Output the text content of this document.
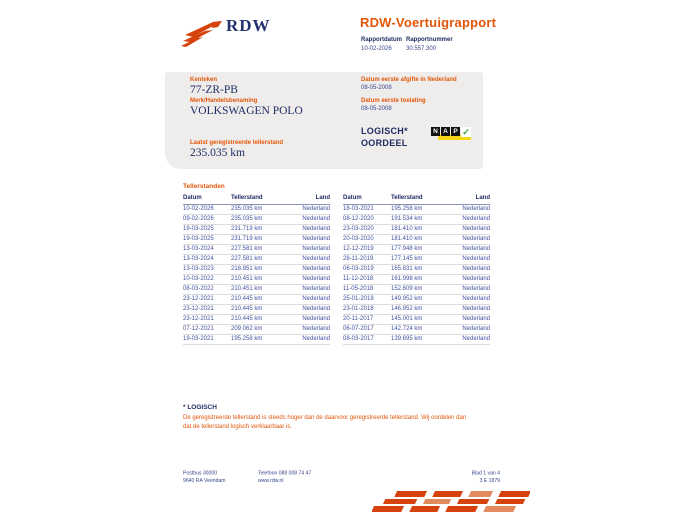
RDW	RDW-Voertuigrapport
Rapportdatum
10-02-2026
Rapportnummer
30.557.300
Kenteken
77-ZR-PB
Merk/Handelsbenaming
VOLKSWAGEN POLO
Laatst geregistreerde tellerstand
235.035 km
Datum eerste afgifte in Nederland
08-05-2008
Datum eerste toelating
08-05-2008
LOGISCH*
OORDEEL
N A P ✓
Tellerstanden
Datum	Tellerstand	Land
10-02-2026	235.035 km	Nederland
09-02-2026	235.035 km	Nederland
19-03-2025	231.719 km	Nederland
19-03-2025	231.719 km	Nederland
13-03-2024	227.581 km	Nederland
13-03-2024	227.581 km	Nederland
13-03-2023	218.951 km	Nederland
10-03-2022	210.451 km	Nederland
08-03-2022	210.451 km	Nederland
23-12-2021	210.445 km	Nederland
23-12-2021	210.445 km	Nederland
23-12-2021	210.445 km	Nederland
07-12-2021	209.062 km	Nederland
19-03-2021	195.258 km	Nederland
Datum	Tellerstand	Land
18-03-2021	195.258 km	Nederland
08-12-2020	191.534 km	Nederland
23-03-2020	181.410 km	Nederland
20-03-2020	181.410 km	Nederland
12-12-2019	177.948 km	Nederland
28-11-2019	177.145 km	Nederland
06-03-2019	165.831 km	Nederland
11-12-2018	161.998 km	Nederland
11-05-2018	152.609 km	Nederland
25-01-2018	149.952 km	Nederland
23-01-2018	146.952 km	Nederland
20-11-2017	145.001 km	Nederland
06-07-2017	142.724 km	Nederland
08-03-2017	139.695 km	Nederland
* LOGISCH
De geregistreerde tellerstand is steeds hoger dan de daarvoor geregistreerde tellerstand. Wij oordelen dan dat de tellerstand logisch verklaarbaar is.
Postbus 30000
9640 RA Veendam
Telefoon 088 008 74 47
www.rdw.nl
Blad 1 van 4
3 E 1879
